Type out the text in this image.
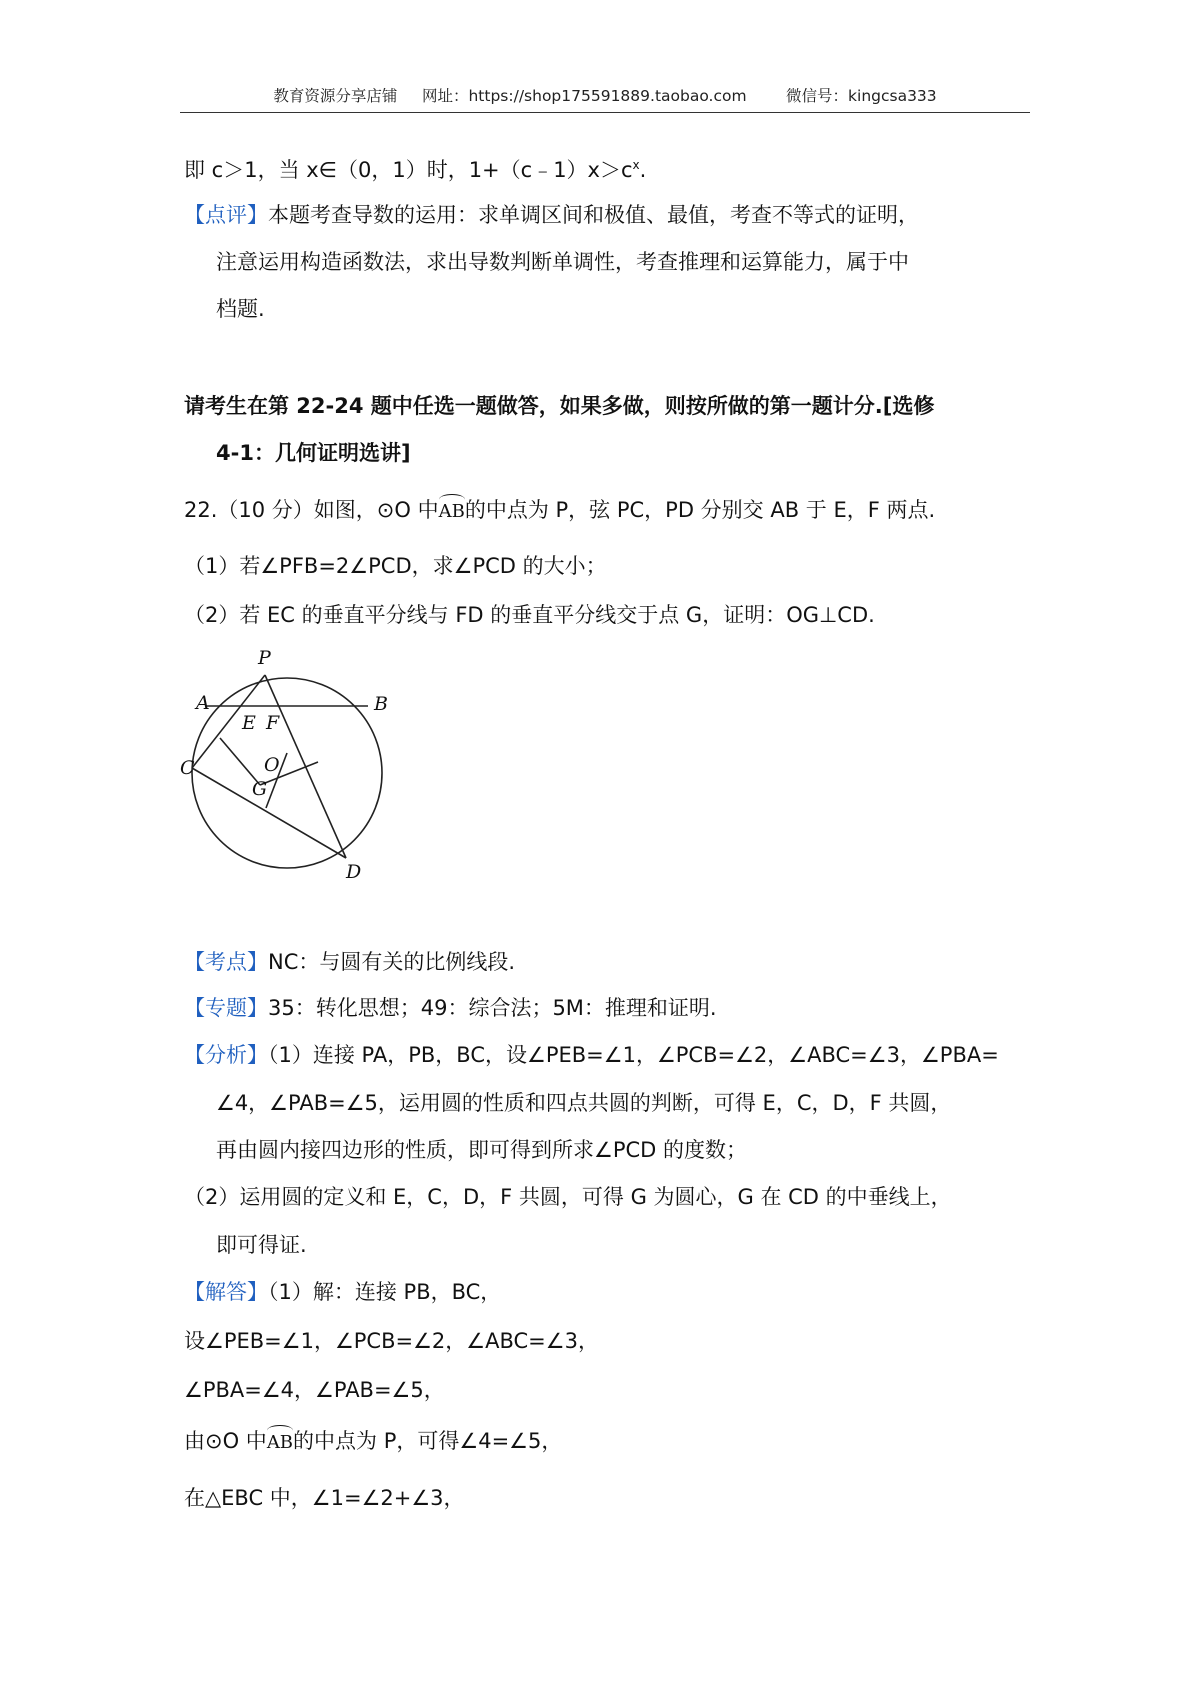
教育资源分享店铺 网址：https://shop175591889.taobao.com	微信号：kingcsa333
即 c＞1，当 x∈（0，1）时，$1+(c﹣1)x>c^x$.
【点评】本题考查导数的运用：求单调区间和极值、最值，考查不等式的证明，
注意运用构造函数法，求出导数判断单调性，考查推理和运算能力，属于中
档题.
请考生在第 22-24 题中任选一题做答，如果多做，则按所做的第一题计分.[选修
4-1：几何证明选讲]
22.（10 分）如图，⊙O 中AB的中点为 P，弦 PC，PD 分别交 AB 于 E，F 两点.
（1）若∠PFB=2∠PCD，求∠PCD 的大小；
（2）若 EC 的垂直平分线与 FD 的垂直平分线交于点 G，证明：OG⊥CD.
P
A	B
E F
C	O
G
D
【考点】NC：与圆有关的比例线段.
【专题】35：转化思想；49：综合法；5M：推理和证明.
【分析】（1）连接 PA，PB，BC，设∠PEB=∠1，∠PCB=∠2，∠ABC=∠3，∠PBA=
∠4，∠PAB=∠5，运用圆的性质和四点共圆的判断，可得 E，C，D，F 共圆，
再由圆内接四边形的性质，即可得到所求∠PCD 的度数；
（2）运用圆的定义和 E，C，D，F 共圆，可得 G 为圆心，G 在 CD 的中垂线上，
即可得证.
【解答】（1）解：连接 PB，BC，
设∠PEB=∠1，∠PCB=∠2，∠ABC=∠3，
∠PBA=∠4，∠PAB=∠5，
由⊙O 中AB的中点为 P，可得∠4=∠5，
在△EBC 中，∠1=∠2+∠3，
